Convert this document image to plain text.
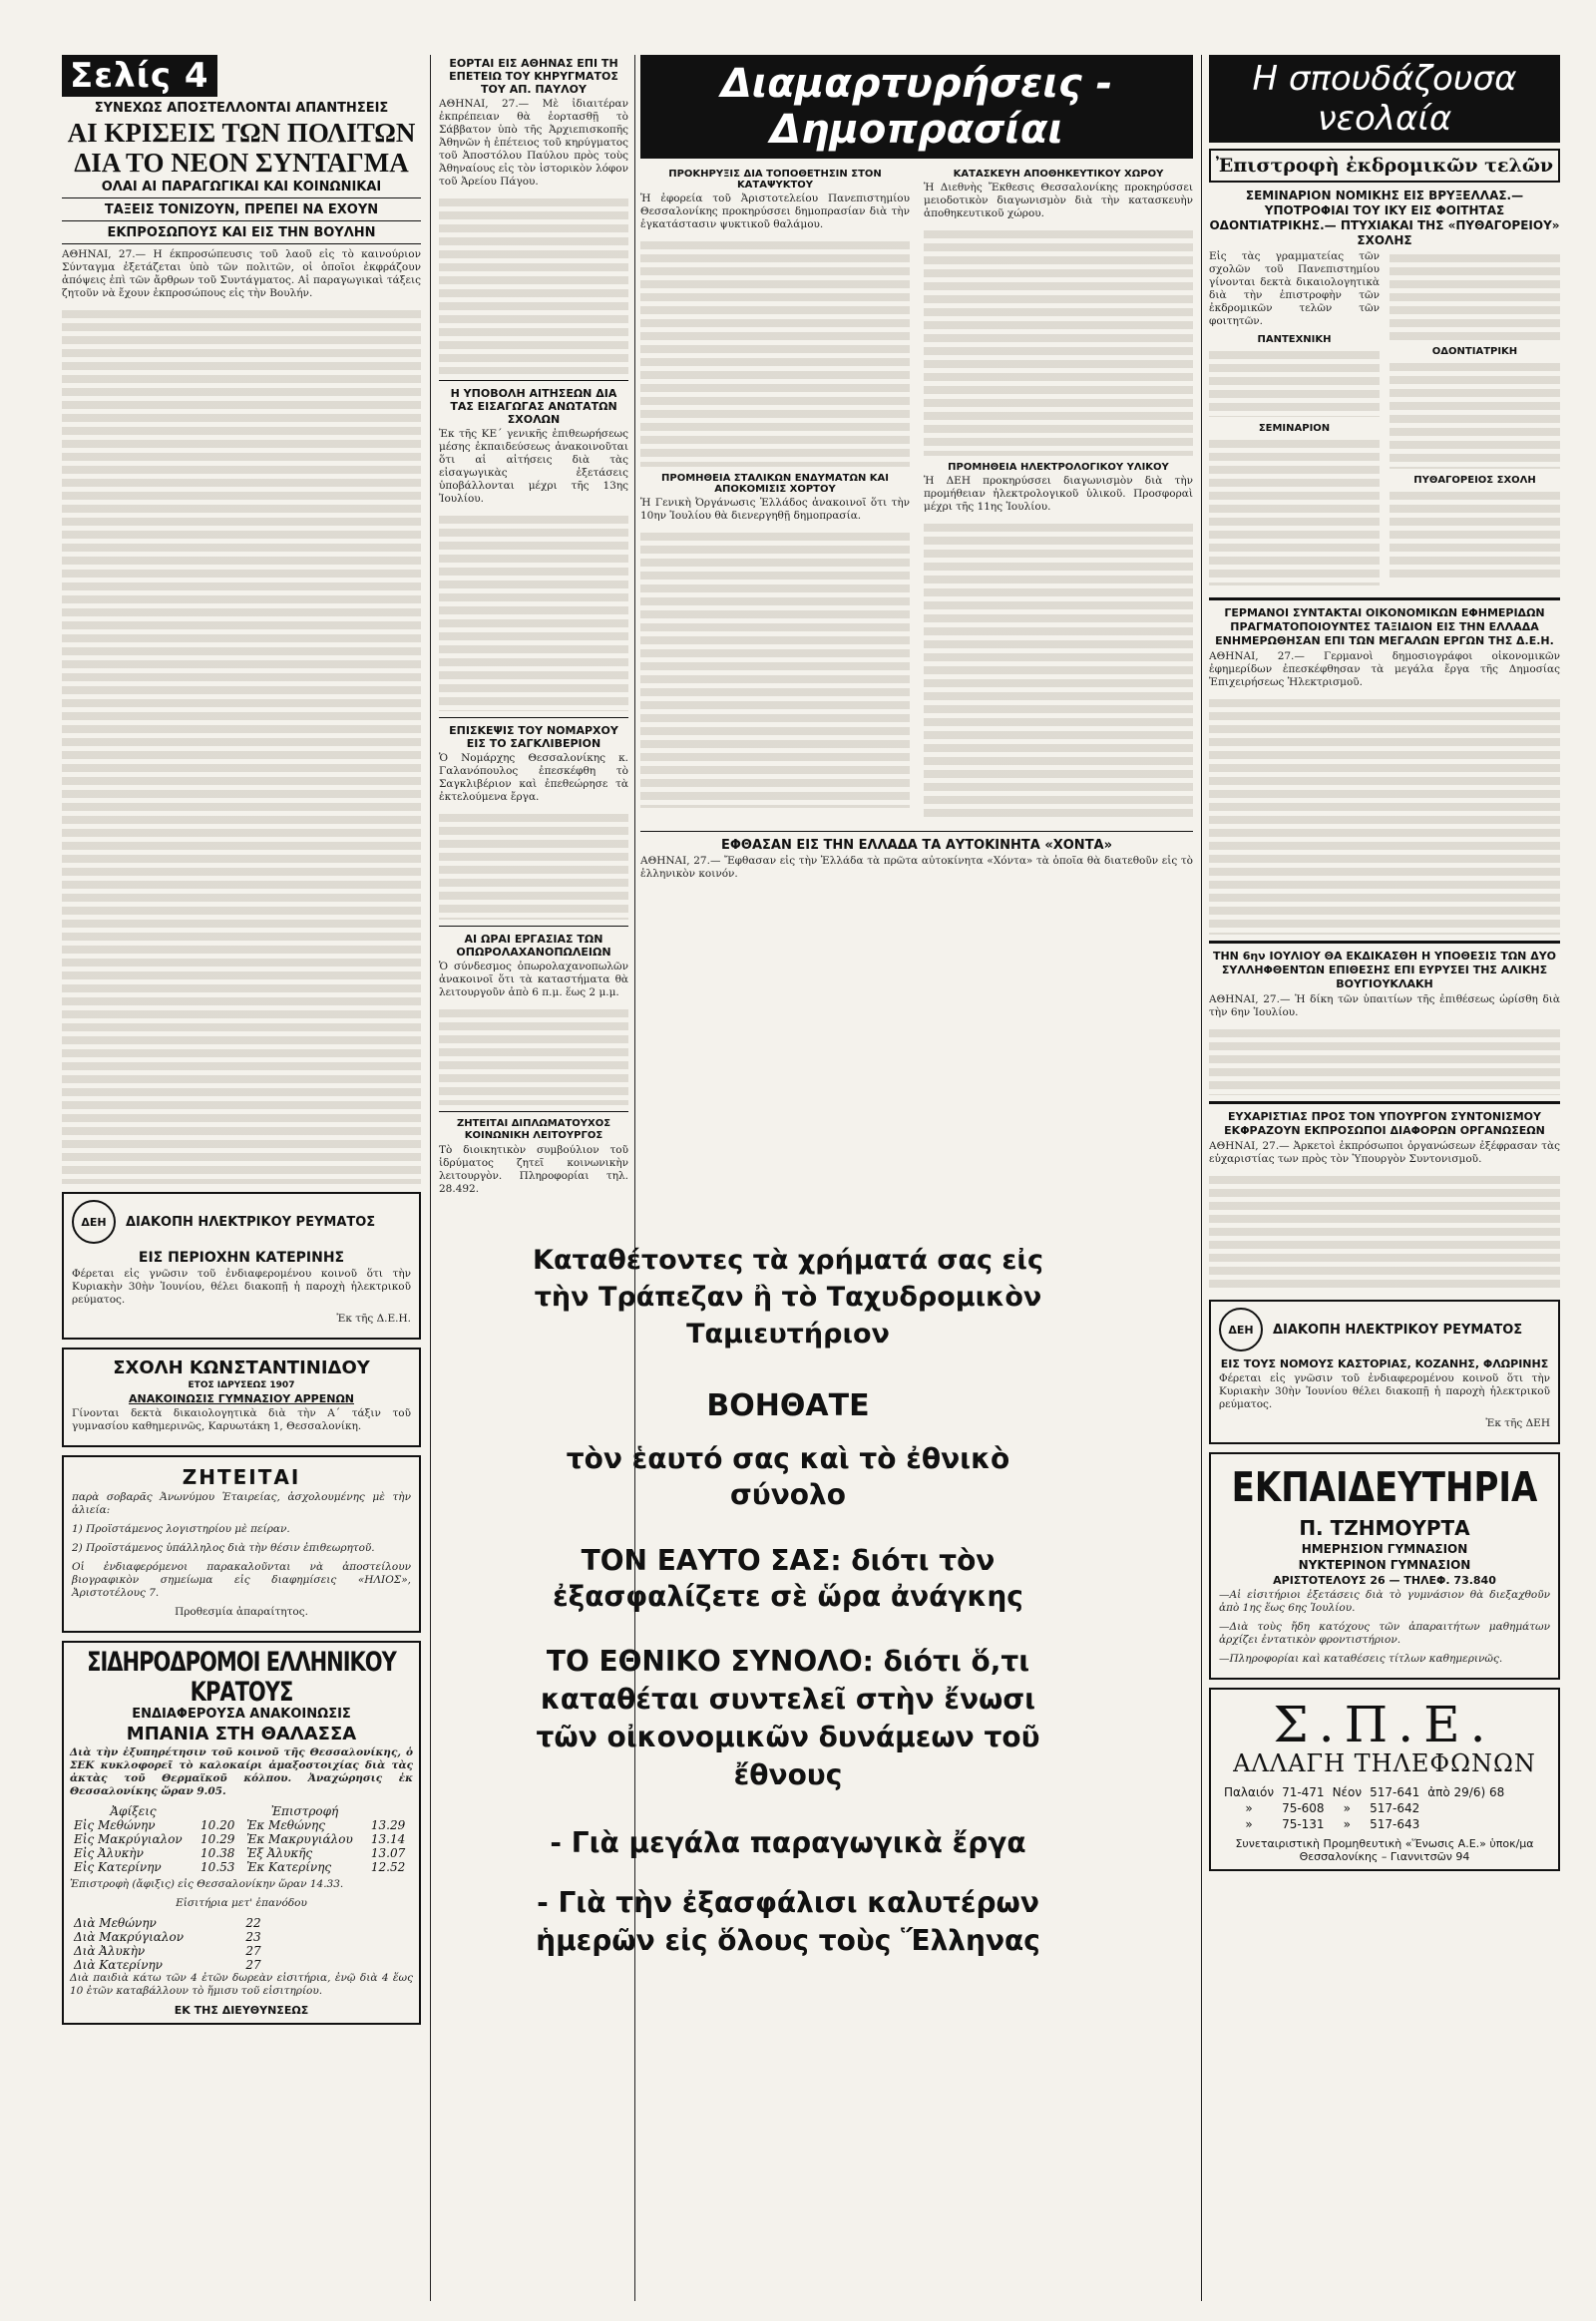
Σελίς 4
ΣΥΝΕΧΩΣ ΑΠΟΣΤΕΛΛΟΝΤΑΙ ΑΠΑΝΤΗΣΕΙΣ
ΑΙ ΚΡΙΣΕΙΣ ΤΩΝ ΠΟΛΙΤΩΝ ΔΙΑ ΤΟ ΝΕΟΝ ΣΥΝΤΑΓΜΑ
ΟΛΑΙ ΑΙ ΠΑΡΑΓΩΓΙΚΑΙ ΚΑΙ ΚΟΙΝΩΝΙΚΑΙ
ΤΑΞΕΙΣ ΤΟΝΙΖΟΥΝ, ΠΡΕΠΕΙ ΝΑ ΕΧΟΥΝ
ΕΚΠΡΟΣΩΠΟΥΣ ΚΑΙ ΕΙΣ ΤΗΝ ΒΟΥΛΗΝ

ΑΘΗΝΑΙ, 27.— Η έκπροσώπευσις τοῦ λαοῦ εἰς τὸ καινούριον Σύνταγμα ἐξετάζεται ὑπὸ τῶν πολιτῶν, οἱ ὁποῖοι ἐκφράζουν ἀπόψεις ἐπὶ τῶν ἄρθρων τοῦ Συντάγματος. Αἱ παραγωγικαὶ τάξεις ζητοῦν νὰ ἔχουν ἐκπροσώπους εἰς τὴν Βουλήν.

ΔΕΗ	ΔΙΑΚΟΠΗ ΗΛΕΚΤΡΙΚΟΥ ΡΕΥΜΑΤΟΣ
ΕΙΣ ΠΕΡΙΟΧΗΝ ΚΑΤΕΡΙΝΗΣ

Φέρεται εἰς γνῶσιν τοῦ ἐνδιαφερομένου κοινοῦ ὅτι τὴν Κυριακὴν 30ὴν Ἰουνίου, θέλει διακοπῇ ἡ παροχὴ ἠλεκτρικοῦ ρεύματος.

Ἐκ τῆς Δ.Ε.Η.

ΣΧΟΛΗ ΚΩΝΣΤΑΝΤΙΝΙΔΟΥ
ΕΤΟΣ ΙΔΡΥΣΕΩΣ 1907
ΑΝΑΚΟΙΝΩΣΙΣ ΓΥΜΝΑΣΙΟΥ ΑΡΡΕΝΩΝ

Γίνονται δεκτὰ δικαιολογητικὰ διὰ τὴν Α΄ τάξιν τοῦ γυμνασίου καθημερινῶς, Καρυωτάκη 1, Θεσσαλονίκη.

ΖΗΤΕΙΤΑΙ

παρὰ σοβαρᾶς Ἀνωνύμου Ἑταιρείας, ἀσχολουμένης μὲ τὴν ἀλιεία:

1) Προϊστάμενος λογιστηρίου μὲ πείραν.

2) Προϊστάμενος ὑπάλληλος διὰ τὴν θέσιν ἐπιθεωρητοῦ.

Οἱ ἐνδιαφερόμενοι παρακαλοῦνται νὰ ἀποστείλουν βιογραφικὸν σημείωμα εἰς διαφημίσεις «ΗΛΙΟΣ», Ἀριστοτέλους 7.

Προθεσμία ἀπαραίτητος.

ΣΙΔΗΡΟΔΡΟΜΟΙ ΕΛΛΗΝΙΚΟΥ ΚΡΑΤΟΥΣ
ΕΝΔΙΑΦΕΡΟΥΣΑ ΑΝΑΚΟΙΝΩΣΙΣ
ΜΠΑΝΙΑ ΣΤΗ ΘΑΛΑΣΣΑ

Διὰ τὴν ἐξυπηρέτησιν τοῦ κοινοῦ τῆς Θεσσαλονίκης, ὁ ΣΕΚ κυκλοφορεῖ τὸ καλοκαίρι ἀμαξοστοιχίας διὰ τὰς ἀκτὰς τοῦ Θερμαϊκοῦ κόλπου. Ἀναχώρησις ἐκ Θεσσαλονίκης ὥραν 9.05.

Ἀφίξεις		Ἐπιστροφή	
Εἰς Μεθώνην	10.20	Ἐκ Μεθώνης	13.29
Εἰς Μακρύγιαλον	10.29	Ἐκ Μακρυγιάλου	13.14
Εἰς Ἀλυκὴν	10.38	Ἐξ Ἀλυκῆς	13.07
Εἰς Κατερίνην	10.53	Ἐκ Κατερίνης	12.52

Ἐπιστροφὴ (ἄφιξις) εἰς Θεσσαλονίκην ὥραν 14.33.

Εἰσιτήρια μετ' ἐπανόδου
Διὰ Μεθώνην	22
Διὰ Μακρύγιαλον	23
Διὰ Ἀλυκὴν	27
Διὰ Κατερίνην	27

Διὰ παιδιὰ κάτω τῶν 4 ἐτῶν δωρεὰν εἰσιτήρια, ἐνῷ διὰ 4 ἕως 10 ἐτῶν καταβάλλουν τὸ ἥμισυ τοῦ εἰσιτηρίου.

ΕΚ ΤΗΣ ΔΙΕΥΘΥΝΣΕΩΣ
ΕΟΡΤΑΙ ΕΙΣ ΑΘΗΝΑΣ ΕΠΙ ΤΗ ΕΠΕΤΕΙΩ ΤΟΥ ΚΗΡΥΓΜΑΤΟΣ ΤΟΥ ΑΠ. ΠΑΥΛΟΥ

ΑΘΗΝΑΙ, 27.— Μὲ ἰδιαιτέραν ἐκπρέπειαν θὰ ἑορτασθῇ τὸ Σάββατον ὑπὸ τῆς Ἀρχιεπισκοπῆς Ἀθηνῶν ἡ ἐπέτειος τοῦ κηρύγματος τοῦ Ἀποστόλου Παύλου πρὸς τοὺς Ἀθηναίους εἰς τὸν ἱστορικὸν λόφον τοῦ Ἀρείου Πάγου.

Η ΥΠΟΒΟΛΗ ΑΙΤΗΣΕΩΝ ΔΙΑ ΤΑΣ ΕΙΣΑΓΩΓΑΣ ΑΝΩΤΑΤΩΝ ΣΧΟΛΩΝ

Ἐκ τῆς ΚΕ΄ γενικῆς ἐπιθεωρήσεως μέσης ἐκπαιδεύσεως ἀνακοινοῦται ὅτι αἱ αἰτήσεις διὰ τὰς εἰσαγωγικὰς ἐξετάσεις ὑποβάλλονται μέχρι τῆς 13ης Ἰουλίου.

ΕΠΙΣΚΕΨΙΣ ΤΟΥ ΝΟΜΑΡΧΟΥ ΕΙΣ ΤΟ ΣΑΓΚΛΙΒΕΡΙΟΝ

Ὁ Νομάρχης Θεσσαλονίκης κ. Γαλανόπουλος ἐπεσκέφθη τὸ Σαγκλιβέριον καὶ ἐπεθεώρησε τὰ ἐκτελούμενα ἔργα.

ΑΙ ΩΡΑΙ ΕΡΓΑΣΙΑΣ ΤΩΝ ΟΠΩΡΟΛΑΧΑΝΟΠΩΛΕΙΩΝ

Ὁ σύνδεσμος ὀπωρολαχανοπωλῶν ἀνακοινοῖ ὅτι τὰ καταστήματα θὰ λειτουργοῦν ἀπὸ 6 π.μ. ἕως 2 μ.μ.

ΖΗΤΕΙΤΑΙ ΔΙΠΛΩΜΑΤΟΥΧΟΣ ΚΟΙΝΩΝΙΚΗ ΛΕΙΤΟΥΡΓΟΣ

Τὸ διοικητικὸν συμβούλιον τοῦ ἱδρύματος ζητεῖ κοινωνικὴν λειτουργὸν. Πληροφορίαι τηλ. 28.492.

Διαμαρτυρήσεις - Δημοπρασίαι
ΠΡΟΚΗΡΥΞΙΣ ΔΙΑ ΤΟΠΟΘΕΤΗΣΙΝ ΣΤΟΝ ΚΑΤΑΨΥΚΤΟΥ

Ἡ ἐφορεία τοῦ Ἀριστοτελείου Πανεπιστημίου Θεσσαλονίκης προκηρύσσει δημοπρασίαν διὰ τὴν ἐγκατάστασιν ψυκτικοῦ θαλάμου.

ΠΡΟΜΗΘΕΙΑ ΣΤΑΛΙΚΩΝ ΕΝΔΥΜΑΤΩΝ ΚΑΙ ΑΠΟΚΟΜΙΣΙΣ ΧΟΡΤΟΥ

Ἡ Γενικὴ Ὀργάνωσις Ἑλλάδος ἀνακοινοῖ ὅτι τὴν 10ην Ἰουλίου θὰ διενεργηθῇ δημοπρασία.

ΚΑΤΑΣΚΕΥΗ ΑΠΟΘΗΚΕΥΤΙΚΟΥ ΧΩΡΟΥ

Ἡ Διεθνὴς Ἔκθεσις Θεσσαλονίκης προκηρύσσει μειοδοτικὸν διαγωνισμὸν διὰ τὴν κατασκευὴν ἀποθηκευτικοῦ χώρου.

ΠΡΟΜΗΘΕΙΑ ΗΛΕΚΤΡΟΛΟΓΙΚΟΥ ΥΛΙΚΟΥ

Ἡ ΔΕΗ προκηρύσσει διαγωνισμὸν διὰ τὴν προμήθειαν ἠλεκτρολογικοῦ ὑλικοῦ. Προσφοραὶ μέχρι τῆς 11ης Ἰουλίου.

ΕΦΘΑΣΑΝ ΕΙΣ ΤΗΝ ΕΛΛΑΔΑ ΤΑ ΑΥΤΟΚΙΝΗΤΑ «ΧΟΝΤΑ»

ΑΘΗΝΑΙ, 27.— Ἔφθασαν εἰς τὴν Ἑλλάδα τὰ πρῶτα αὐτοκίνητα «Χόντα» τὰ ὁποῖα θὰ διατεθοῦν εἰς τὸ ἑλληνικὸν κοινόν.

Καταθέτοντες τὰ χρήματά σας εἰς τὴν Τράπεζαν ἢ τὸ Ταχυδρομικὸν Ταμιευτήριον
ΒΟΗΘΑΤΕ
τὸν ἑαυτό σας καὶ τὸ ἐθνικὸ σύνολο
ΤΟΝ ΕΑΥΤΟ ΣΑΣ: διότι τὸν ἐξασφαλίζετε σὲ ὥρα ἀνάγκης
ΤΟ ΕΘΝΙΚΟ ΣΥΝΟΛΟ: διότι ὅ,τι καταθέται συντελεῖ στὴν ἔνωσι τῶν οἰκονομικῶν δυνάμεων τοῦ ἔθνους
- Γιὰ μεγάλα παραγωγικὰ ἔργα
- Γιὰ τὴν ἐξασφάλισι καλυτέρων ἡμερῶν εἰς ὅλους τοὺς Ἕλληνας
Η σπουδάζουσα νεολαία
Ἐπιστροφὴ ἐκδρομικῶν τελῶν
ΣΕΜΙΝΑΡΙΟΝ ΝΟΜΙΚΗΣ ΕΙΣ ΒΡΥΞΕΛΛΑΣ.— ΥΠΟΤΡΟΦΙΑΙ ΤΟΥ ΙΚΥ ΕΙΣ ΦΟΙΤΗΤΑΣ ΟΔΟΝΤΙΑΤΡΙΚΗΣ.— ΠΤΥΧΙΑΚΑΙ ΤΗΣ «ΠΥΘΑΓΟΡΕΙΟΥ» ΣΧΟΛΗΣ

Εἰς τὰς γραμματείας τῶν σχολῶν τοῦ Πανεπιστημίου γίνονται δεκτὰ δικαιολογητικὰ διὰ τὴν ἐπιστροφὴν τῶν ἐκδρομικῶν τελῶν τῶν φοιτητῶν.

ΠΑΝΤΕΧΝΙΚΗ

ΣΕΜΙΝΑΡΙΟΝ

ΟΔΟΝΤΙΑΤΡΙΚΗ

ΠΥΘΑΓΟΡΕΙΟΣ ΣΧΟΛΗ

ΓΕΡΜΑΝΟΙ ΣΥΝΤΑΚΤΑΙ ΟΙΚΟΝΟΜΙΚΩΝ ΕΦΗΜΕΡΙΔΩΝ ΠΡΑΓΜΑΤΟΠΟΙΟΥΝΤΕΣ ΤΑΞΙΔΙΟΝ ΕΙΣ ΤΗΝ ΕΛΛΑΔΑ ΕΝΗΜΕΡΩΘΗΣΑΝ ΕΠΙ ΤΩΝ ΜΕΓΑΛΩΝ ΕΡΓΩΝ ΤΗΣ Δ.Ε.Η.

ΑΘΗΝΑΙ, 27.— Γερμανοὶ δημοσιογράφοι οἰκονομικῶν ἐφημερίδων ἐπεσκέφθησαν τὰ μεγάλα ἔργα τῆς Δημοσίας Ἐπιχειρήσεως Ἠλεκτρισμοῦ.

ΤΗΝ 6ην ΙΟΥΛΙΟΥ ΘΑ ΕΚΔΙΚΑΣΘΗ Η ΥΠΟΘΕΣΙΣ ΤΩΝ ΔΥΟ ΣΥΛΛΗΦΘΕΝΤΩΝ ΕΠΙΘΕΣΗΣ ΕΠΙ ΕΥΡΥΣΕΙ ΤΗΣ ΑΛΙΚΗΣ ΒΟΥΓΙΟΥΚΛΑΚΗ

ΑΘΗΝΑΙ, 27.— Ἡ δίκη τῶν ὑπαιτίων τῆς ἐπιθέσεως ὡρίσθη διὰ τὴν 6ην Ἰουλίου.

ΕΥΧΑΡΙΣΤΙΑΣ ΠΡΟΣ ΤΟΝ ΥΠΟΥΡΓΟΝ ΣΥΝΤΟΝΙΣΜΟΥ ΕΚΦΡΑΖΟΥΝ ΕΚΠΡΟΣΩΠΟΙ ΔΙΑΦΟΡΩΝ ΟΡΓΑΝΩΣΕΩΝ

ΑΘΗΝΑΙ, 27.— Ἀρκετοὶ ἐκπρόσωποι ὀργανώσεων ἐξέφρασαν τὰς εὐχαριστίας των πρὸς τὸν Ὑπουργὸν Συντονισμοῦ.

ΔΕΗ	ΔΙΑΚΟΠΗ ΗΛΕΚΤΡΙΚΟΥ ΡΕΥΜΑΤΟΣ
ΕΙΣ ΤΟΥΣ ΝΟΜΟΥΣ ΚΑΣΤΟΡΙΑΣ, ΚΟΖΑΝΗΣ, ΦΛΩΡΙΝΗΣ

Φέρεται εἰς γνῶσιν τοῦ ἐνδιαφερομένου κοινοῦ ὅτι τὴν Κυριακὴν 30ὴν Ἰουνίου θέλει διακοπῇ ἡ παροχὴ ἠλεκτρικοῦ ρεύματος.

Ἐκ τῆς ΔΕΗ

ΕΚΠΑΙΔΕΥΤΗΡΙΑ
Π. ΤΖΗΜΟΥΡΤΑ
ΗΜΕΡΗΣΙΟΝ ΓΥΜΝΑΣΙΟΝ
ΝΥΚΤΕΡΙΝΟΝ ΓΥΜΝΑΣΙΟΝ
ΑΡΙΣΤΟΤΕΛΟΥΣ 26 — ΤΗΛΕΦ. 73.840

—Αἱ εἰσιτήριοι ἐξετάσεις διὰ τὸ γυμνάσιον θὰ διεξαχθοῦν ἀπὸ 1ης ἕως 6ης Ἰουλίου.

—Διὰ τοὺς ἤδη κατόχους τῶν ἀπαραιτήτων μαθημάτων ἀρχίζει ἐντατικὸν φροντιστήριον.

—Πληροφορίαι καὶ καταθέσεις τίτλων καθημερινῶς.

Σ.Π.Ε.
ΑΛΛΑΓΗ ΤΗΛΕΦΩΝΩΝ
Παλαιόν	71-471	Νέον	517-641	ἀπὸ 29/6) 68
»	75-608	»	517-642	
»	75-131	»	517-643	
Συνεταιριστικὴ Προμηθευτικὴ «Ἕνωσις Α.Ε.» ὑποκ/μα Θεσσαλονίκης – Γιαννιτσῶν 94
